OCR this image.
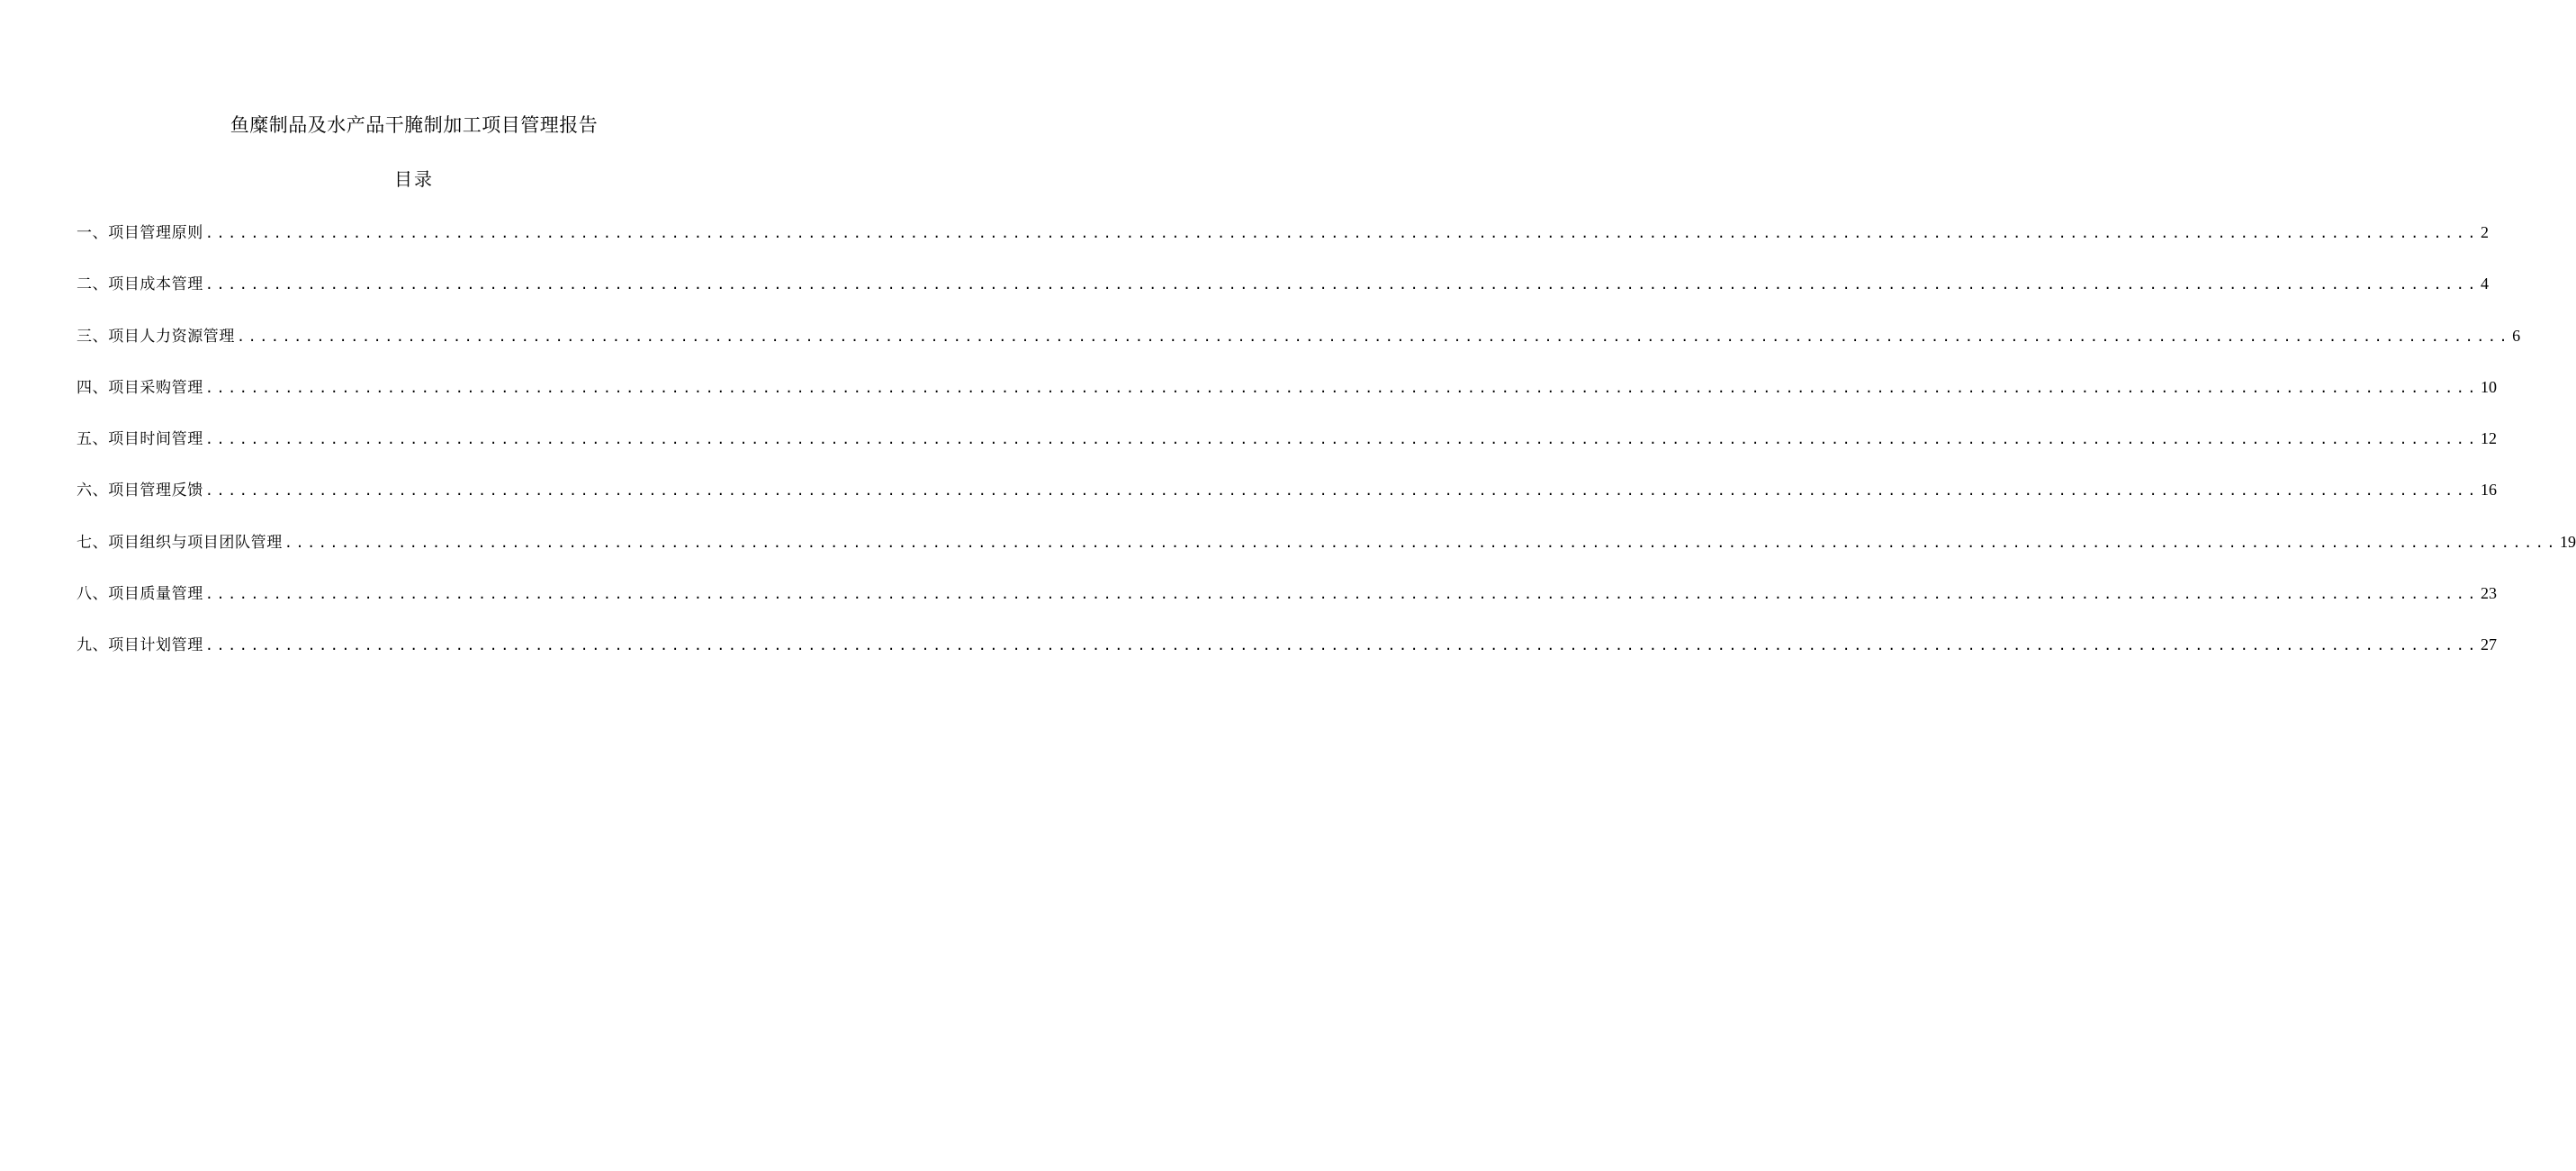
鱼糜制品及水产品干腌制加工项目管理报告
目录
一、项目管理原则 ........................................................................................................................................................................................................ 2
二、项目成本管理 ........................................................................................................................................................................................................ 4
三、项目人力资源管理 ........................................................................................................................................................................................................ 6
四、项目采购管理 ........................................................................................................................................................................................................ 10
五、项目时间管理 ........................................................................................................................................................................................................ 12
六、项目管理反馈 ........................................................................................................................................................................................................ 16
七、项目组织与项目团队管理 ........................................................................................................................................................................................................ 19
八、项目质量管理 ........................................................................................................................................................................................................ 23
九、项目计划管理 ........................................................................................................................................................................................................ 27
